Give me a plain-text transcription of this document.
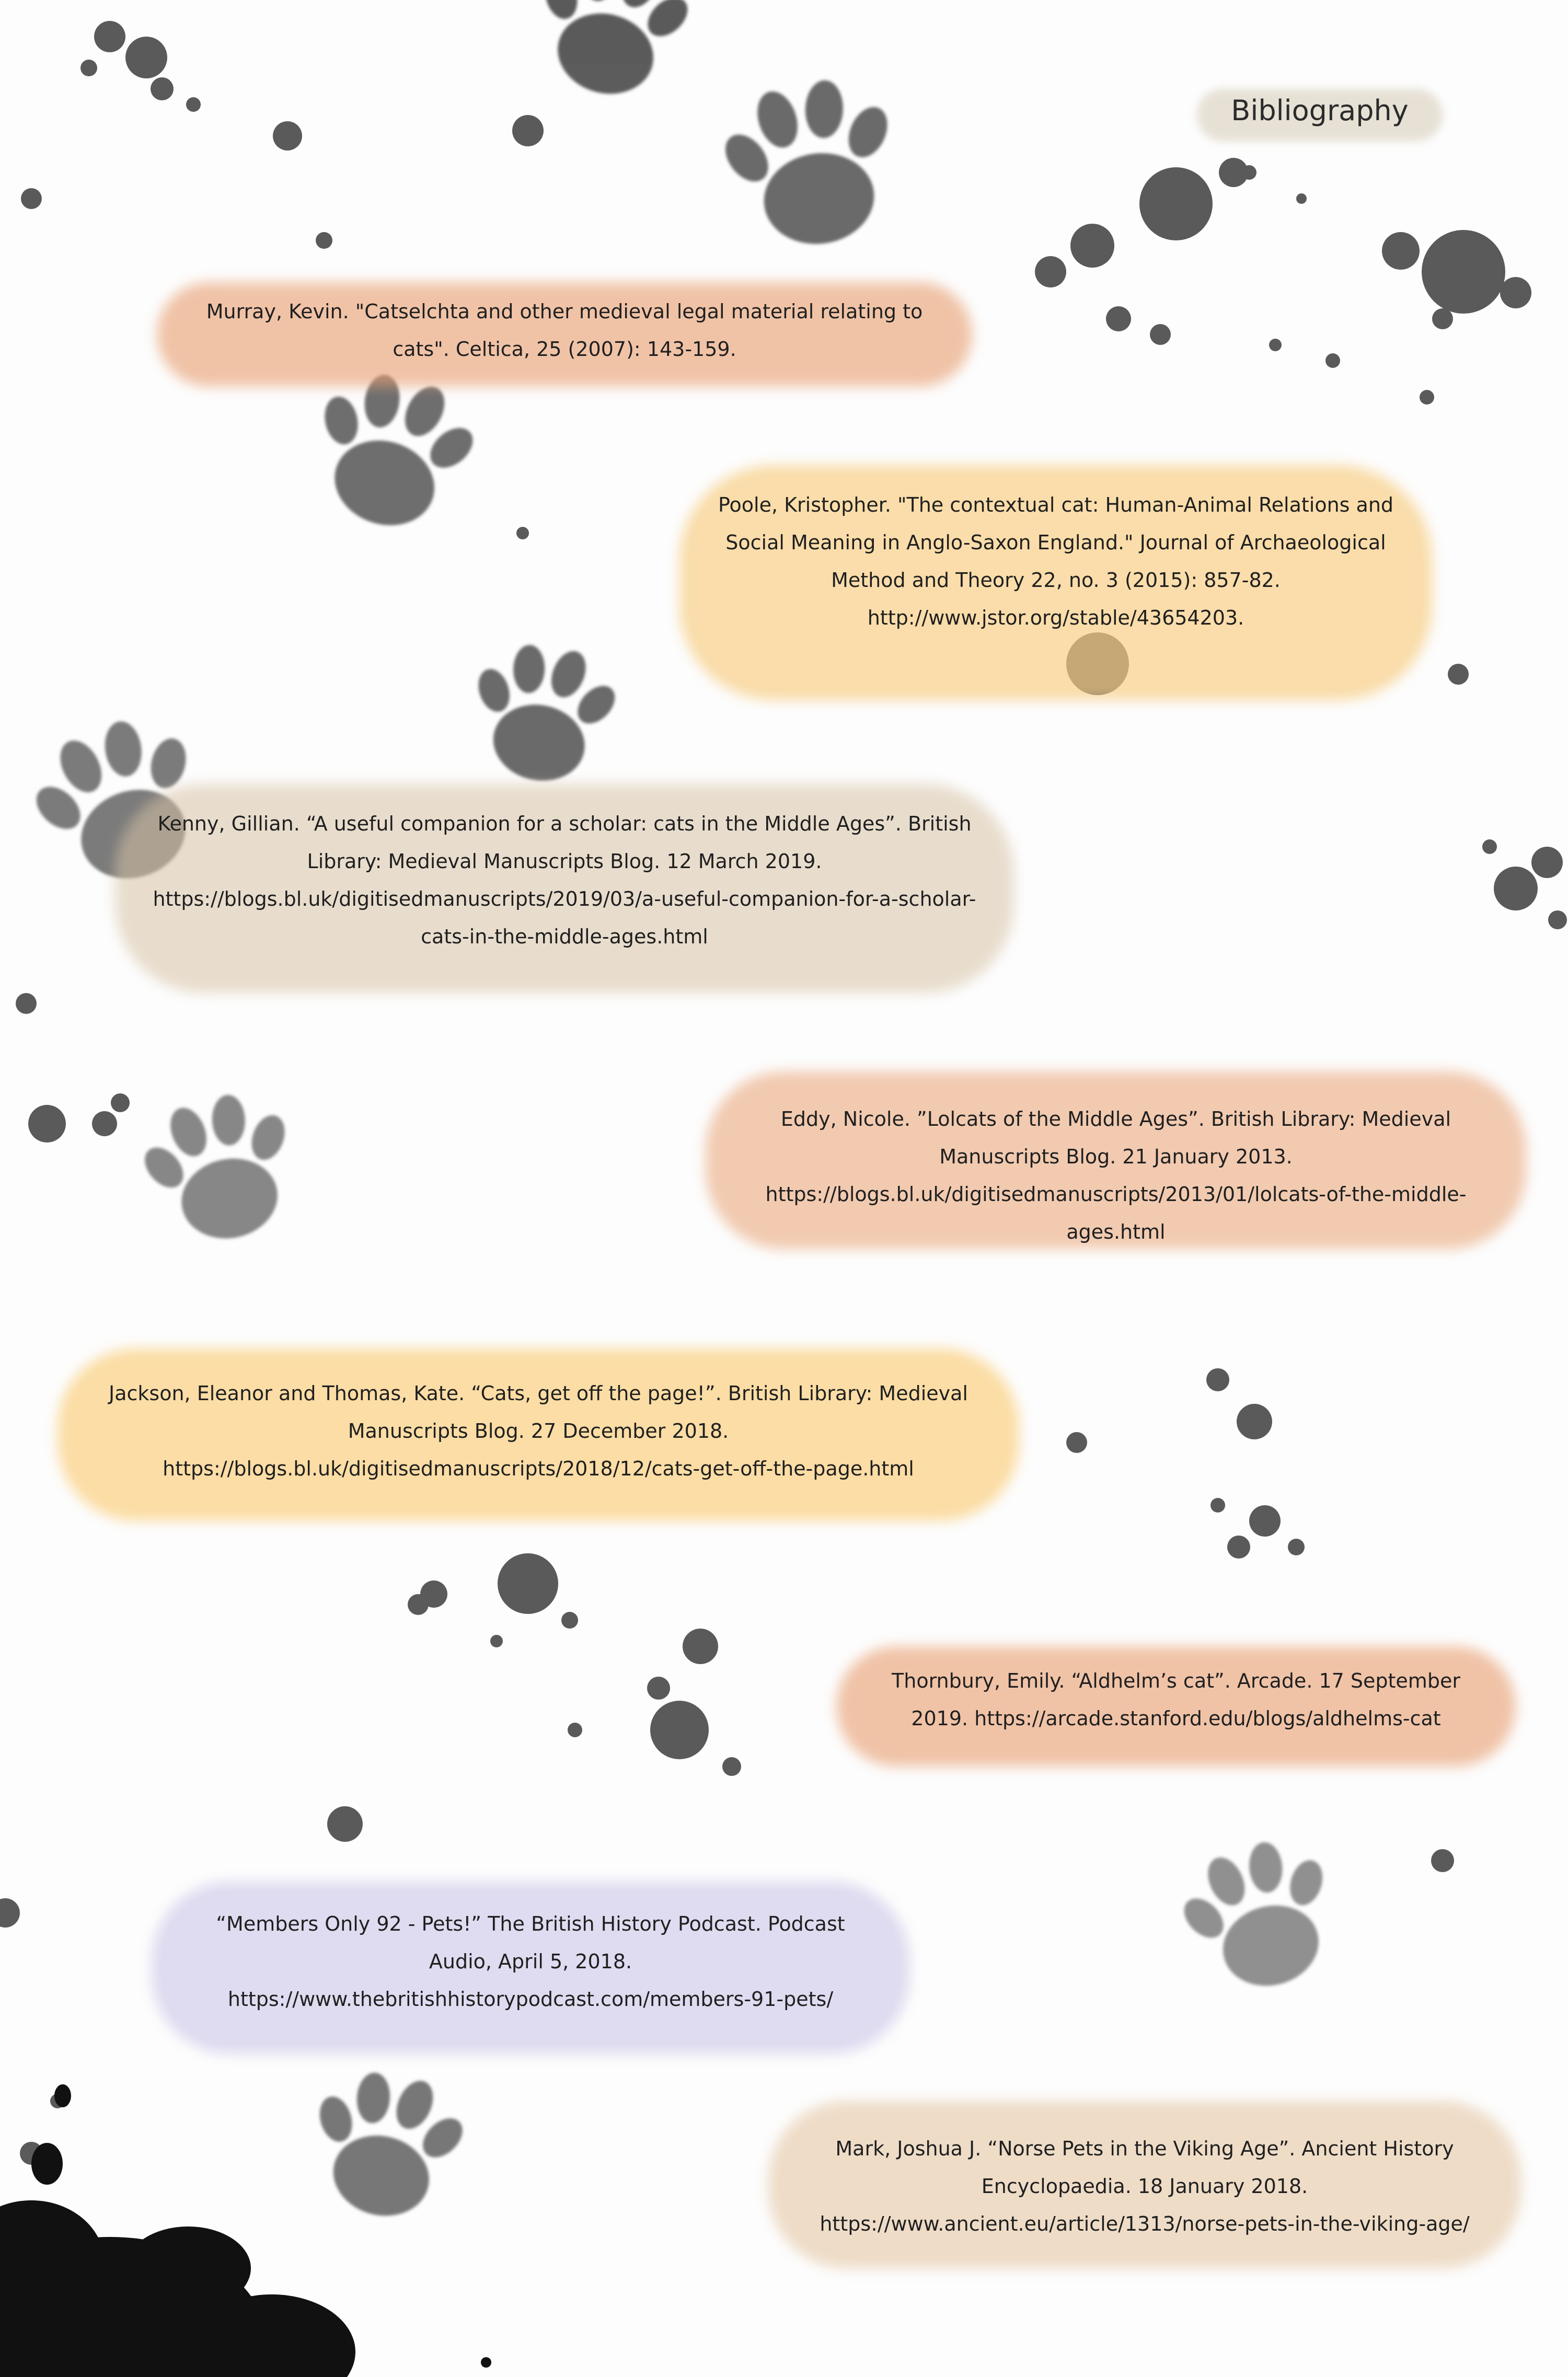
Bibliography
Murray, Kevin. "Catselchta and other medieval legal material relating to cats". Celtica, 25 (2007): 143-159.
Poole, Kristopher. "The contextual cat: Human-Animal Relations and Social Meaning in Anglo-Saxon England." Journal of Archaeological Method and Theory 22, no. 3 (2015): 857-82. http://www.jstor.org/stable/43654203.
Kenny, Gillian. “A useful companion for a scholar: cats in the Middle Ages”. British Library: Medieval Manuscripts Blog. 12 March 2019. https://blogs.bl.uk/digitisedmanuscripts/2019/03/a-useful-companion-for-a-scholar-cats-in-the-middle-ages.html
Eddy, Nicole. ”Lolcats of the Middle Ages”. British Library: Medieval Manuscripts Blog. 21 January 2013. https://blogs.bl.uk/digitisedmanuscripts/2013/01/lolcats-of-the-middle-ages.html
Jackson, Eleanor and Thomas, Kate. “Cats, get off the page!”. British Library: Medieval Manuscripts Blog. 27 December 2018. https://blogs.bl.uk/digitisedmanuscripts/2018/12/cats-get-off-the-page.html
Thornbury, Emily. “Aldhelm’s cat”. Arcade. 17 September 2019. https://arcade.stanford.edu/blogs/aldhelms-cat
“Members Only 92 - Pets!” The British History Podcast. Podcast Audio, April 5, 2018. https://www.thebritishhistorypodcast.com/members-91-pets/
Mark, Joshua J. “Norse Pets in the Viking Age”. Ancient History Encyclopaedia. 18 January 2018. https://www.ancient.eu/article/1313/norse-pets-in-the-viking-age/
